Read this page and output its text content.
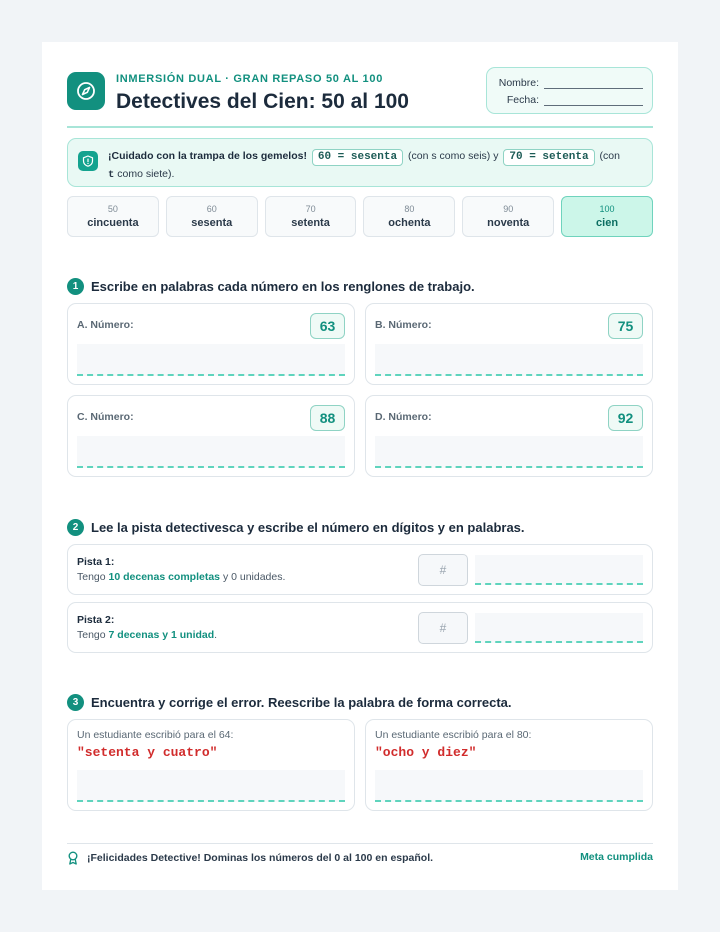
INMERSIÓN DUAL · GRAN REPASO 50 AL 100
Detectives del Cien: 50 al 100
Nombre:
Fecha:
¡Cuidado con la trampa de los gemelos! 60 = sesenta (con s como seis) y 70 = setenta (con t como siete).
50
cincuenta
60
sesenta
70
setenta
80
ochenta
90
noventa
100
cien
1 Escribe en palabras cada número en los renglones de trabajo.
A. Número:	63	B. Número:	75
C. Número:	88	D. Número:	92
2 Lee la pista detectivesca y escribe el número en dígitos y en palabras.
Pista 1:
Tengo 10 decenas completas y 0 unidades.	#
Pista 2:
Tengo 7 decenas y 1 unidad.	#
3 Encuentra y corrige el error. Reescribe la palabra de forma correcta.
Un estudiante escribió para el 64:
"setenta y cuatro"
Un estudiante escribió para el 80:
"ocho y diez"
¡Felicidades Detective! Dominas los números del 0 al 100 en español.	Meta cumplida
